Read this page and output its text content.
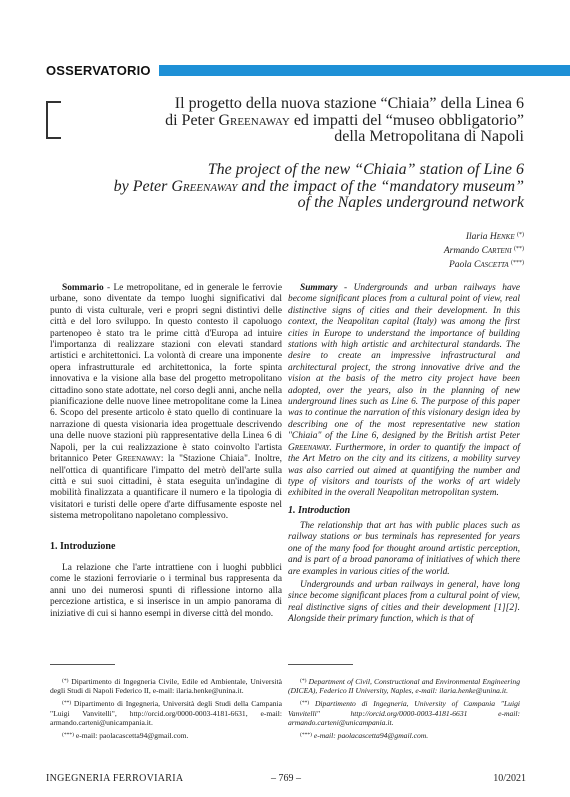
OSSERVATORIO
Il progetto della nuova stazione “Chiaia” della Linea 6
di Peter Greenaway ed impatti del “museo obbligatorio”
della Metropolitana di Napoli
The project of the new “Chiaia” station of Line 6
by Peter Greenaway and the impact of the “mandatory museum”
of the Naples underground network
Ilaria Henke (*)
Armando Carteni (**)
Paola Cascetta (***)

Sommario - Le metropolitane, ed in generale le ferrovie urbane, sono diventate da tempo luoghi significativi dal punto di vista culturale, veri e propri segni distintivi delle città e del loro sviluppo. In questo contesto il capoluogo partenopeo è stato tra le prime città d'Europa ad intuire l'importanza di realizzare stazioni con elevati standard artistici e architettonici. La volontà di creare una imponente opera infrastrutturale ed architettonica, la forte spinta innovativa e la visione alla base del progetto metropolitano cittadino sono state adottate, nel corso degli anni, anche nella pianificazione delle nuove linee metropolitane come la Linea 6. Scopo del presente articolo è stato quello di continuare la narrazione di questa visionaria idea progettuale descrivendo una delle nuove stazioni più rappresentative della Linea 6 di Napoli, per la cui realizzazione è stato coinvolto l'artista britannico Peter Greenaway: la "Stazione Chiaia". Inoltre, nell'ottica di quantificare l'impatto del metrò dell'arte sulla città e sui suoi cittadini, è stata eseguita un'indagine di mobilità finalizzata a quantificare il numero e la tipologia di visitatori e turisti delle opere d'arte diffusamente esposte nel sistema metropolitano napoletano complessivo.

Summary - Undergrounds and urban railways have become significant places from a cultural point of view, real distinctive signs of cities and their development. In this context, the Neapolitan capital (Italy) was among the first cities in Europe to understand the importance of building stations with high artistic and architectural standards. The desire to create an impressive infrastructural and architectural project, the strong innovative drive and the vision at the basis of the metro city project have been adopted, over the years, also in the planning of new underground lines such as Line 6. The purpose of this paper was to continue the narration of this visionary design idea by describing one of the most representative new station "Chiaia" of the Line 6, designed by the British artist Peter Greenaway. Furthermore, in order to quantify the impact of the Art Metro on the city and its citizens, a mobility survey was also carried out aimed at quantifying the number and type of visitors and tourists of the works of art widely exhibited in the overall Neapolitan metropolitan system.

1. Introduzione

La relazione che l'arte intrattiene con i luoghi pubblici come le stazioni ferroviarie o i terminal bus rappresenta da anni uno dei numerosi spunti di riflessione intorno alla percezione artistica, e si inserisce in un ampio panorama di iniziative di cui si hanno esempi in diverse città del mondo.

1. Introduction

The relationship that art has with public places such as railway stations or bus terminals has represented for years one of the many food for thought around artistic perception, and is part of a broad panorama of initiatives of which there are examples in various cities of the world.

Undergrounds and urban railways in general, have long since become significant places from a cultural point of view, real distinctive signs of cities and their development [1][2]. Alongside their primary function, which is that of

(*) Dipartimento di Ingegneria Civile, Edile ed Ambientale, Università degli Studi di Napoli Federico II, e-mail: ilaria.henke@unina.it.

(**) Dipartimento di Ingegneria, Università degli Studi della Campania "Luigi Vanvitelli", http://orcid.org/0000-0003-4181-6631, e-mail: armando.carteni@unicampania.it.

(***) e-mail: paolacascetta94@gmail.com.

(*) Department of Civil, Constructional and Environmental Engineering (DICEA), Federico II University, Naples, e-mail: ilaria.henke@unina.it.

(**) Dipartimento di Ingegneria, University of Campania "Luigi Vanvitelli" http://orcid.org/0000-0003-4181-6631 e-mail: armando.carteni@unicampania.it.

(***) e-mail: paolacascetta94@gmail.com.

INGEGNERIA FERROVIARIA	– 769 –	10/2021
